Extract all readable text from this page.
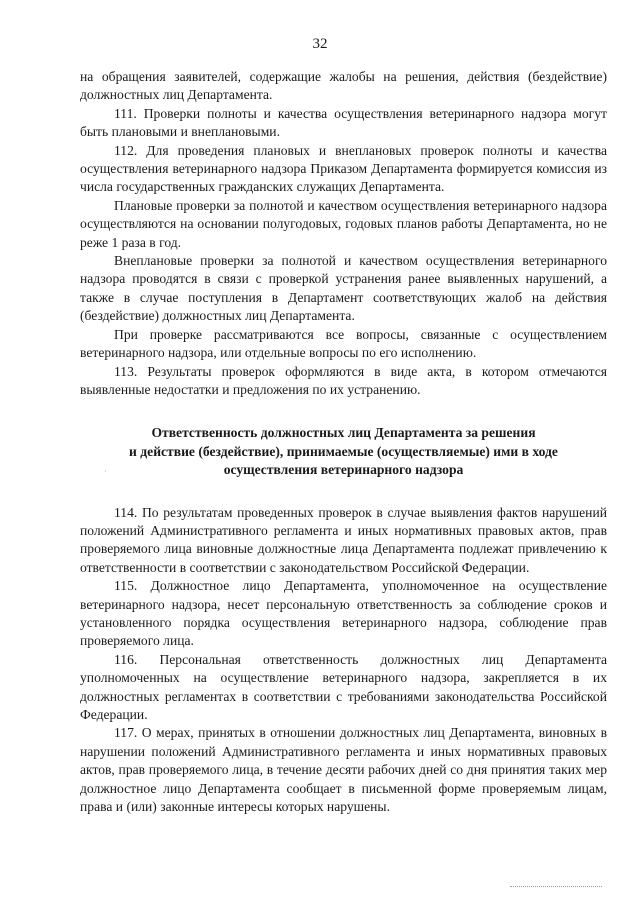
32

на обращения заявителей, содержащие жалобы на решения, действия (бездействие) должностных лиц Департамента.

111. Проверки полноты и качества осуществления ветеринарного надзора могут быть плановыми и внеплановыми.

112. Для проведения плановых и внеплановых проверок полноты и качества осуществления ветеринарного надзора Приказом Департамента формируется комиссия из числа государственных гражданских служащих Департамента.

Плановые проверки за полнотой и качеством осуществления ветеринарного надзора осуществляются на основании полугодовых, годовых планов работы Департамента, но не реже 1 раза в год.

Внеплановые проверки за полнотой и качеством осуществления ветеринарного надзора проводятся в связи с проверкой устранения ранее выявленных нарушений, а также в случае поступления в Департамент соответствующих жалоб на действия (бездействие) должностных лиц Департамента.

При проверке рассматриваются все вопросы, связанные с осуществлением ветеринарного надзора, или отдельные вопросы по его исполнению.

113. Результаты проверок оформляются в виде акта, в котором отмечаются выявленные недостатки и предложения по их устранению.

Ответственность должностных лиц Департамента за решения
и действие (бездействие), принимаемые (осуществляемые) ими в ходе
осуществления ветеринарного надзора

114. По результатам проведенных проверок в случае выявления фактов нарушений положений Административного регламента и иных нормативных правовых актов, прав проверяемого лица виновные должностные лица Департамента подлежат привлечению к ответственности в соответствии с законодательством Российской Федерации.

115. Должностное лицо Департамента, уполномоченное на осуществление ветеринарного надзора, несет персональную ответственность за соблюдение сроков и установленного порядка осуществления ветеринарного надзора, соблюдение прав проверяемого лица.

116. Персональная ответственность должностных лиц Департамента уполномоченных на осуществление ветеринарного надзора, закрепляется в их должностных регламентах в соответствии с требованиями законодательства Российской Федерации.

117. О мерах, принятых в отношении должностных лиц Департамента, виновных в нарушении положений Административного регламента и иных нормативных правовых актов, прав проверяемого лица, в течение десяти рабочих дней со дня принятия таких мер должностное лицо Департамента сообщает в письменной форме проверяемым лицам, права и (или) законные интересы которых нарушены.

·
